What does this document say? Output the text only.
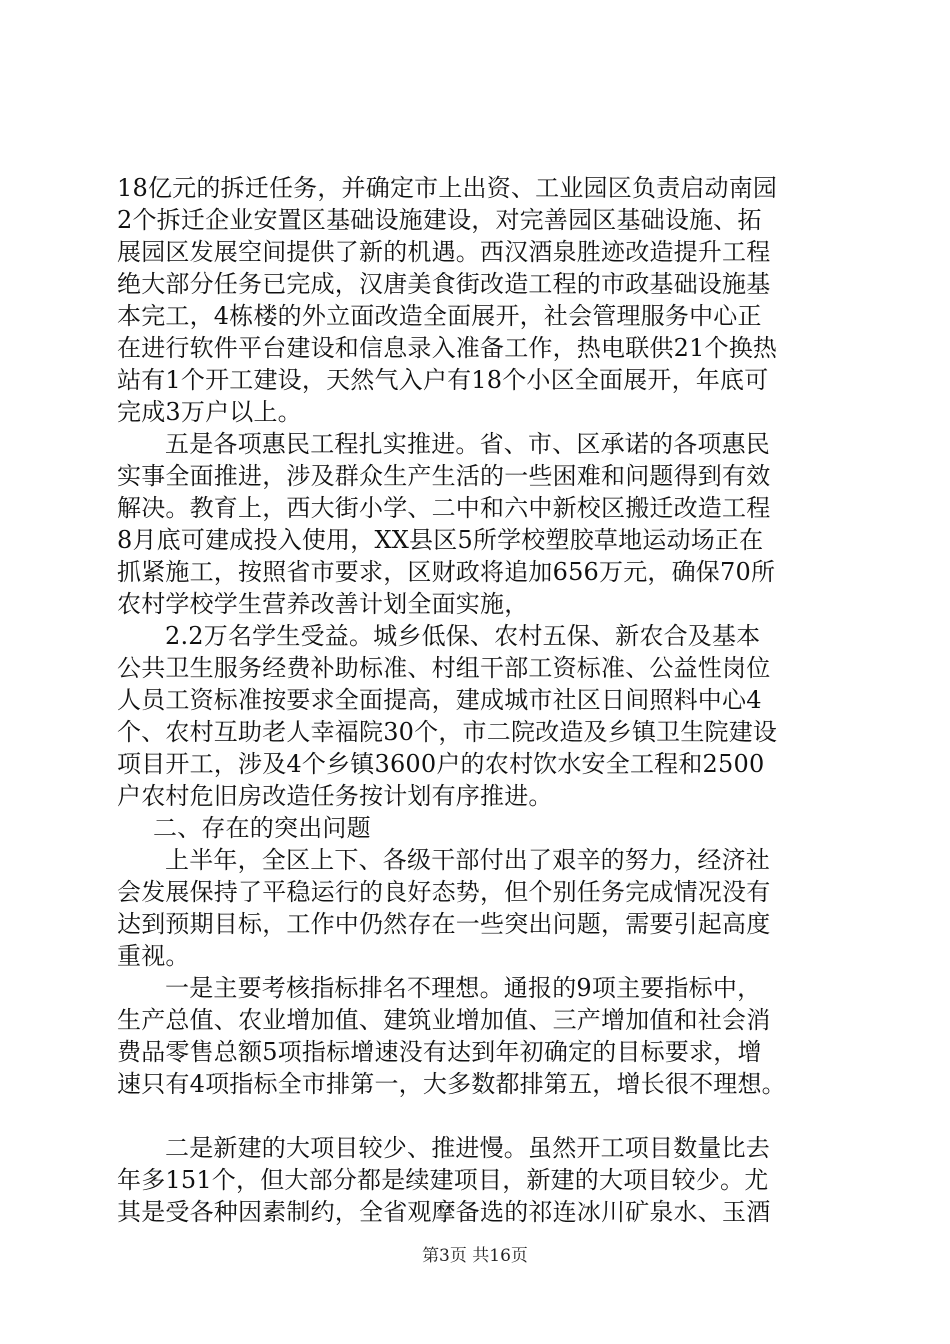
18亿元的拆迁任务，并确定市上出资、工业园区负责启动南园
2个拆迁企业安置区基础设施建设，对完善园区基础设施、拓
展园区发展空间提供了新的机遇。西汉酒泉胜迹改造提升工程
绝大部分任务已完成，汉唐美食街改造工程的市政基础设施基
本完工，4栋楼的外立面改造全面展开，社会管理服务中心正
在进行软件平台建设和信息录入准备工作，热电联供21个换热
站有1个开工建设，天然气入户有18个小区全面展开，年底可
完成3万户以上。
五是各项惠民工程扎实推进。省、市、区承诺的各项惠民
实事全面推进，涉及群众生产生活的一些困难和问题得到有效
解决。教育上，西大街小学、二中和六中新校区搬迁改造工程
8月底可建成投入使用，XX县区5所学校塑胶草地运动场正在
抓紧施工，按照省市要求，区财政将追加656万元，确保70所
农村学校学生营养改善计划全面实施，
2.2万名学生受益。城乡低保、农村五保、新农合及基本
公共卫生服务经费补助标准、村组干部工资标准、公益性岗位
人员工资标准按要求全面提高，建成城市社区日间照料中心4
个、农村互助老人幸福院30个，市二院改造及乡镇卫生院建设
项目开工，涉及4个乡镇3600户的农村饮水安全工程和2500
户农村危旧房改造任务按计划有序推进。
二、存在的突出问题
上半年，全区上下、各级干部付出了艰辛的努力，经济社
会发展保持了平稳运行的良好态势，但个别任务完成情况没有
达到预期目标，工作中仍然存在一些突出问题，需要引起高度
重视。
一是主要考核指标排名不理想。通报的9项主要指标中，
生产总值、农业增加值、建筑业增加值、三产增加值和社会消
费品零售总额5项指标增速没有达到年初确定的目标要求，增
速只有4项指标全市排第一，大多数都排第五，增长很不理想。
二是新建的大项目较少、推进慢。虽然开工项目数量比去
年多151个，但大部分都是续建项目，新建的大项目较少。尤
其是受各种因素制约，全省观摩备选的祁连冰川矿泉水、玉酒
第3页 共16页
